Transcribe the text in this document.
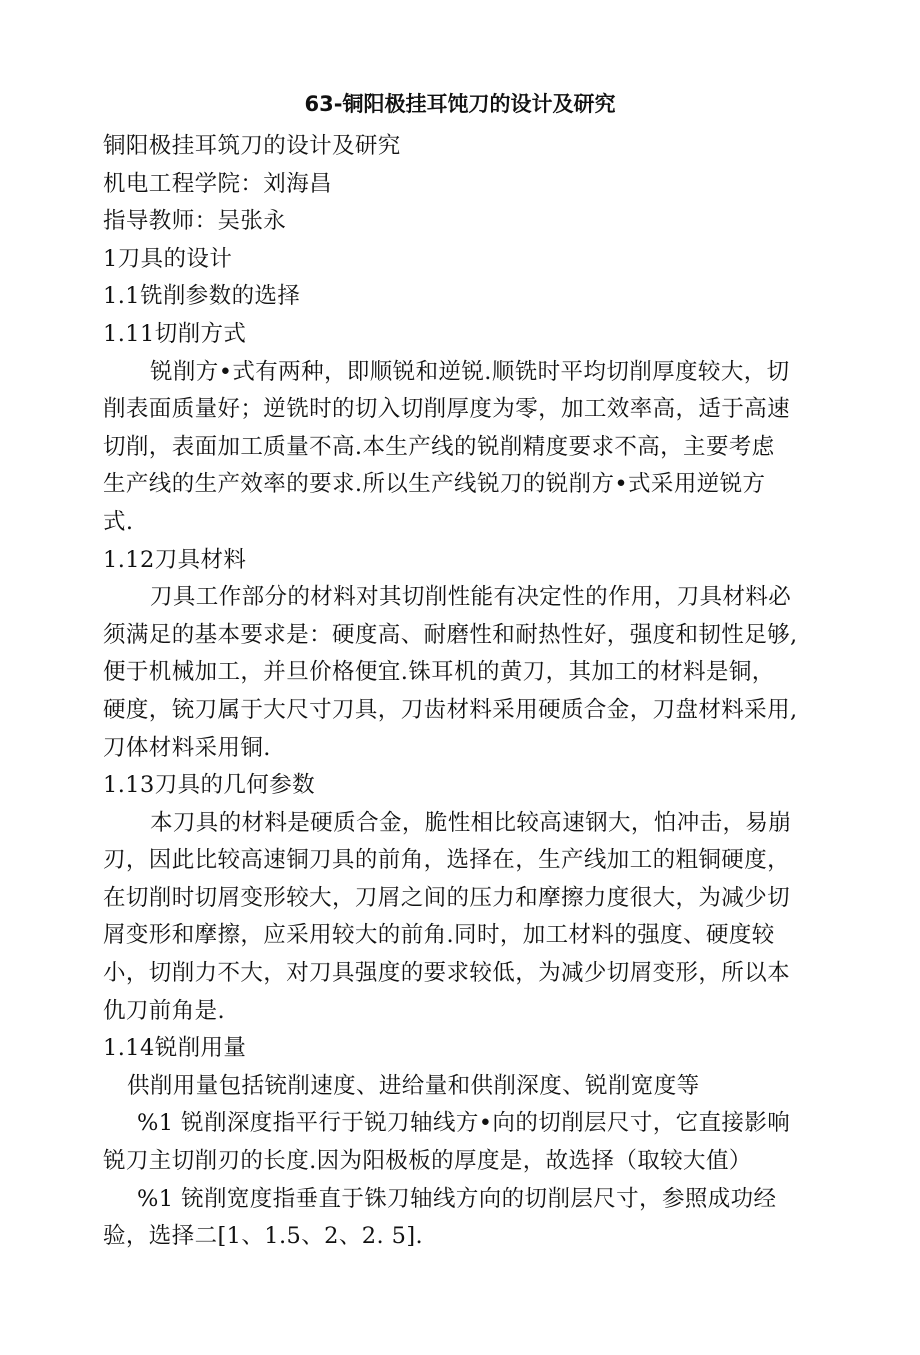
63-铜阳极挂耳饨刀的设计及研究
铜阳极挂耳筑刀的设计及研究
机电工程学院：刘海昌
指导教师：吴张永
1刀具的设计
1.1铣削参数的选择
1.11切削方式
锐削方•式有两种，即顺锐和逆锐.顺铣时平均切削厚度较大，切
削表面质量好；逆铣时的切入切削厚度为零，加工效率高，适于高速
切削，表面加工质量不高.本生产线的锐削精度要求不高，主要考虑
生产线的生产效率的要求.所以生产线锐刀的锐削方•式采用逆锐方
式.
1.12刀具材料
刀具工作部分的材料对其切削性能有决定性的作用，刀具材料必
须满足的基本要求是：硬度高、耐磨性和耐热性好，强度和韧性足够,
便于机械加工，并旦价格便宜.铢耳机的黄刀，其加工的材料是铜，
硬度，铳刀属于大尺寸刀具，刀齿材料采用硬质合金，刀盘材料采用,
刀体材料采用铜.
1.13刀具的几何参数
本刀具的材料是硬质合金，脆性相比较高速钢大，怕冲击，易崩
刃，因此比较高速铜刀具的前角，选择在，生产线加工的粗铜硬度，
在切削时切屑变形较大，刀屑之间的压力和摩擦力度很大，为减少切
屑变形和摩擦，应采用较大的前角.同时，加工材料的强度、硬度较
小，切削力不大，对刀具强度的要求较低，为减少切屑变形，所以本
仇刀前角是.
1.14锐削用量
供削用量包括铳削速度、进给量和供削深度、锐削宽度等
%1 锐削深度指平行于锐刀轴线方•向的切削层尺寸，它直接影响
锐刀主切削刃的长度.因为阳极板的厚度是，故选择（取较大值）
%1 铳削宽度指垂直于铢刀轴线方向的切削层尺寸，参照成功经
验，选择二[1、1.5、2、2. 5].
